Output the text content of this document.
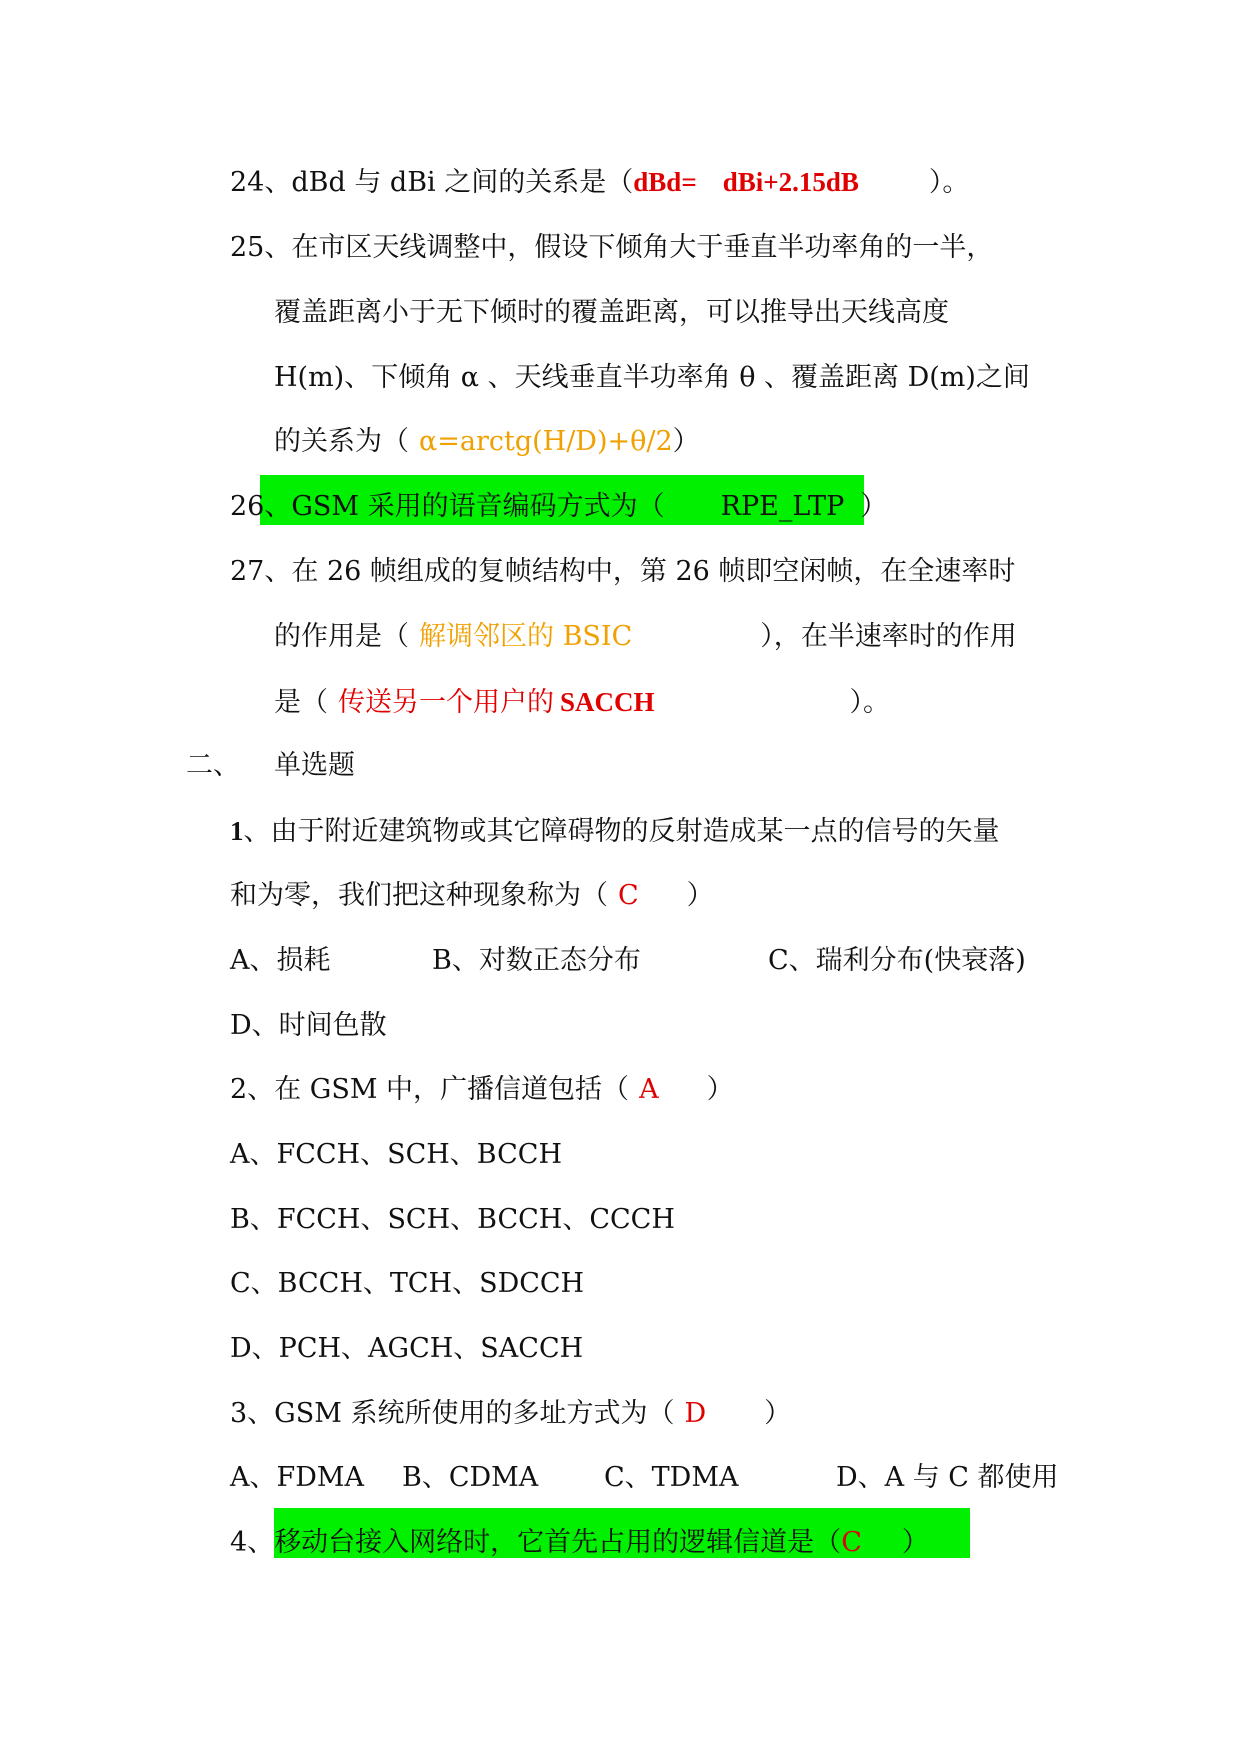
24、dBd 与 dBi 之间的关系是（dBd= dBi+2.15dB	）。
25、在市区天线调整中，假设下倾角大于垂直半功率角的一半，
覆盖距离小于无下倾时的覆盖距离，可以推导出天线高度
H(m)、下倾角 α 、天线垂直半功率角 θ 、覆盖距离 D(m)之间
的关系为（ α=arctg(H/D)+θ/2）
26、GSM 采用的语音编码方式为（ RPE_LTP ）
27、在 26 帧组成的复帧结构中，第 26 帧即空闲帧，在全速率时
的作用是（ 解调邻区的 BSIC	），在半速率时的作用
是（ 传送另一个用户的 SACCH	）。
二、 单选题
1、由于附近建筑物或其它障碍物的反射造成某一点的信号的矢量
和为零，我们把这种现象称为（ C ）
A、损耗	B、对数正态分布	C、瑞利分布(快衰落)
D、时间色散
2、在 GSM 中，广播信道包括（ A ）
A、FCCH、SCH、BCCH
B、FCCH、SCH、BCCH、CCCH
C、BCCH、TCH、SDCCH
D、PCH、AGCH、SACCH
3、GSM 系统所使用的多址方式为（ D ）
A、FDMA B、CDMA C、TDMA	D、A 与 C 都使用
4、移动台接入网络时，它首先占用的逻辑信道是（C ）
